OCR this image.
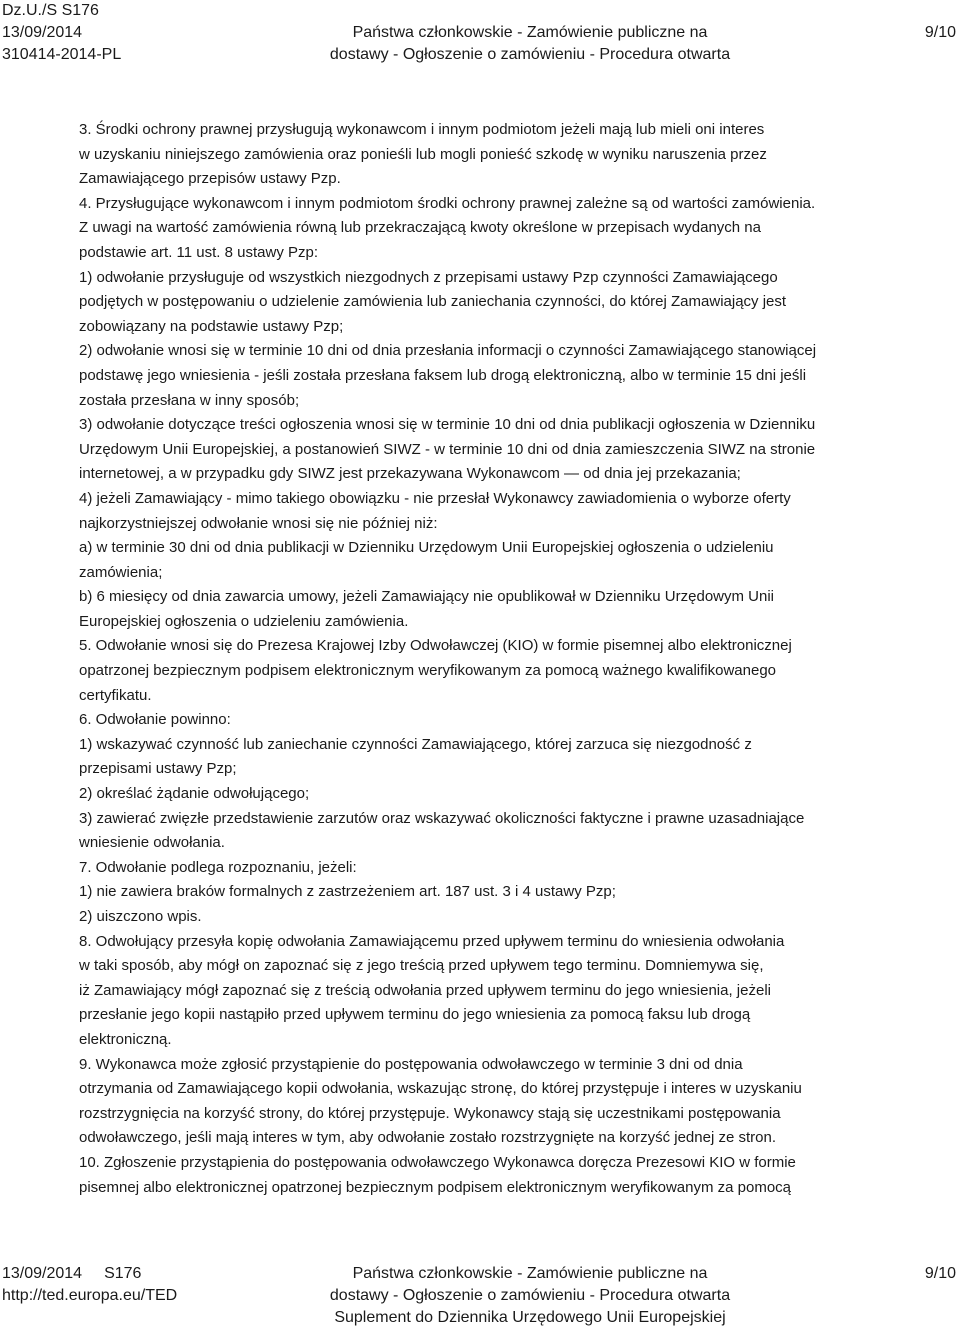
Dz.U./S S176
13/09/2014
310414-2014-PL
Państwa członkowskie - Zamówienie publiczne na
dostawy - Ogłoszenie o zamówieniu - Procedura otwarta
9/10
3. Środki ochrony prawnej przysługują wykonawcom i innym podmiotom jeżeli mają lub mieli oni interes
w uzyskaniu niniejszego zamówienia oraz ponieśli lub mogli ponieść szkodę w wyniku naruszenia przez
Zamawiającego przepisów ustawy Pzp.
4. Przysługujące wykonawcom i innym podmiotom środki ochrony prawnej zależne są od wartości zamówienia.
Z uwagi na wartość zamówienia równą lub przekraczającą kwoty określone w przepisach wydanych na
podstawie art. 11 ust. 8 ustawy Pzp:
1) odwołanie przysługuje od wszystkich niezgodnych z przepisami ustawy Pzp czynności Zamawiającego
podjętych w postępowaniu o udzielenie zamówienia lub zaniechania czynności, do której Zamawiający jest
zobowiązany na podstawie ustawy Pzp;
2) odwołanie wnosi się w terminie 10 dni od dnia przesłania informacji o czynności Zamawiającego stanowiącej
podstawę jego wniesienia - jeśli została przesłana faksem lub drogą elektroniczną, albo w terminie 15 dni jeśli
została przesłana w inny sposób;
3) odwołanie dotyczące treści ogłoszenia wnosi się w terminie 10 dni od dnia publikacji ogłoszenia w Dzienniku
Urzędowym Unii Europejskiej, a postanowień SIWZ - w terminie 10 dni od dnia zamieszczenia SIWZ na stronie
internetowej, a w przypadku gdy SIWZ jest przekazywana Wykonawcom — od dnia jej przekazania;
4) jeżeli Zamawiający - mimo takiego obowiązku - nie przesłał Wykonawcy zawiadomienia o wyborze oferty
najkorzystniejszej odwołanie wnosi się nie później niż:
a) w terminie 30 dni od dnia publikacji w Dzienniku Urzędowym Unii Europejskiej ogłoszenia o udzieleniu
zamówienia;
b) 6 miesięcy od dnia zawarcia umowy, jeżeli Zamawiający nie opublikował w Dzienniku Urzędowym Unii
Europejskiej ogłoszenia o udzieleniu zamówienia.
5. Odwołanie wnosi się do Prezesa Krajowej Izby Odwoławczej (KIO) w formie pisemnej albo elektronicznej
opatrzonej bezpiecznym podpisem elektronicznym weryfikowanym za pomocą ważnego kwalifikowanego
certyfikatu.
6. Odwołanie powinno:
1) wskazywać czynność lub zaniechanie czynności Zamawiającego, której zarzuca się niezgodność z
przepisami ustawy Pzp;
2) określać żądanie odwołującego;
3) zawierać zwięzłe przedstawienie zarzutów oraz wskazywać okoliczności faktyczne i prawne uzasadniające
wniesienie odwołania.
7. Odwołanie podlega rozpoznaniu, jeżeli:
1) nie zawiera braków formalnych z zastrzeżeniem art. 187 ust. 3 i 4 ustawy Pzp;
2) uiszczono wpis.
8. Odwołujący przesyła kopię odwołania Zamawiającemu przed upływem terminu do wniesienia odwołania
w taki sposób, aby mógł on zapoznać się z jego treścią przed upływem tego terminu. Domniemywa się,
iż Zamawiający mógł zapoznać się z treścią odwołania przed upływem terminu do jego wniesienia, jeżeli
przesłanie jego kopii nastąpiło przed upływem terminu do jego wniesienia za pomocą faksu lub drogą
elektroniczną.
9. Wykonawca może zgłosić przystąpienie do postępowania odwoławczego w terminie 3 dni od dnia
otrzymania od Zamawiającego kopii odwołania, wskazując stronę, do której przystępuje i interes w uzyskaniu
rozstrzygnięcia na korzyść strony, do której przystępuje. Wykonawcy stają się uczestnikami postępowania
odwoławczego, jeśli mają interes w tym, aby odwołanie zostało rozstrzygnięte na korzyść jednej ze stron.
10. Zgłoszenie przystąpienia do postępowania odwoławczego Wykonawca doręcza Prezesowi KIO w formie
pisemnej albo elektronicznej opatrzonej bezpiecznym podpisem elektronicznym weryfikowanym za pomocą
13/09/2014 S176
http://ted.europa.eu/TED
Państwa członkowskie - Zamówienie publiczne na
dostawy - Ogłoszenie o zamówieniu - Procedura otwarta
Suplement do Dziennika Urzędowego Unii Europejskiej
9/10
